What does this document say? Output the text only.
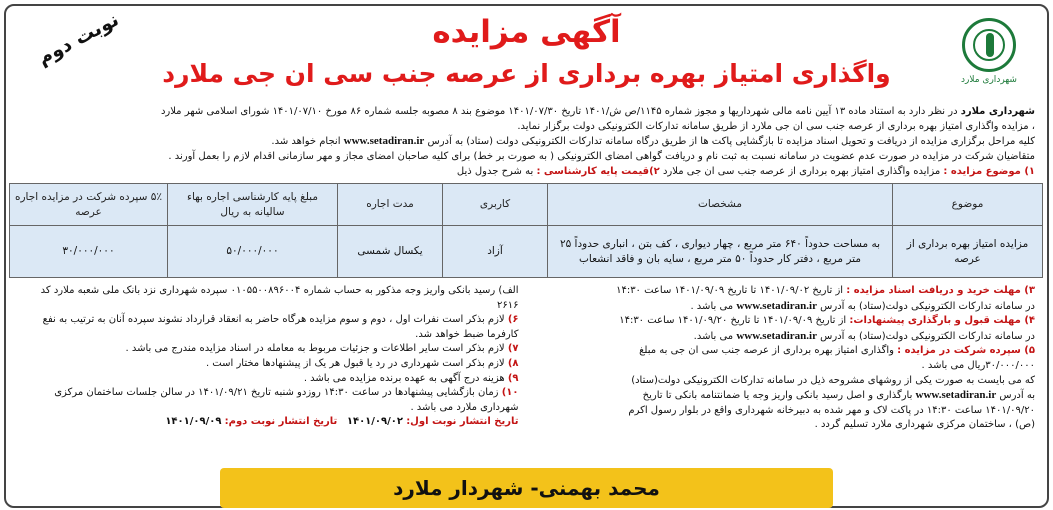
شهرداری ملارد
آگهی مزایده
واگذاری امتیاز بهره برداری از عرصه جنب سی ان جی ملارد
نوبت دوم

شهرداری ملارد در نظر دارد به استناد ماده ۱۳ آیین نامه مالی شهرداریها و مجوز شماره ۱۱۴۵/ص ش/۱۴۰۱ تاریخ ۱۴۰۱/۰۷/۳۰ موضوع بند ۸ مصوبه جلسه شماره ۸۶ مورخ ۱۴۰۱/۰۷/۱۰ شورای اسلامی شهر ملارد

، مزایده واگذاری امتیاز بهره برداری از عرصه جنب سی ان جی ملارد از طریق سامانه تدارکات الکترونیکی دولت برگزار نماید.

کلیه مراحل برگزاری مزایده از دریافت و تحویل اسناد مزایده تا بازگشایی پاکت ها از طریق درگاه سامانه تدارکات الکترونیکی دولت (ستاد) به آدرس www.setadiran.ir انجام خواهد شد.

متقاضیان شرکت در مزایده در صورت عدم عضویت در سامانه نسبت به ثبت نام و دریافت گواهی امضای الکترونیکی ( به صورت بر خط) برای کلیه صاحبان امضای مجاز و مهر سازمانی اقدام لازم را بعمل آورند .

۱) موضوع مزایده : مزایده واگذاری امتیاز بهره برداری از عرصه جنب سی ان جی ملارد ۲)قیمت پایه کارشناسی : به شرح جدول ذیل

موضوع	مشخصات	کاربری	مدت اجاره	مبلغ پایه کارشناسی اجاره بهاء سالیانه به ریال	۵٪ سپرده شرکت در مزایده اجاره عرصه
مزایده امتیاز بهره برداری از عرصه	به مساحت حدوداً ۶۴۰ متر مربع ، چهار دیواری ، کف بتن ، انباری حدوداً ۲۵ متر مربع ، دفتر کار حدوداً ۵۰ متر مربع ، سایه بان و فاقد انشعاب	آزاد	یکسال شمسی	۵۰/۰۰۰/۰۰۰	۳۰/۰۰۰/۰۰۰

۳) مهلت خرید و دریافت اسناد مزایده : از تاریخ ۱۴۰۱/۰۹/۰۲ تا تاریخ ۱۴۰۱/۰۹/۰۹ ساعت ۱۴:۳۰

در سامانه تدارکات الکترونیکی دولت(ستاد) به آدرس www.setadiran.ir می باشد .

۴) مهلت قبول و بارگذاری پیشنهادات: از تاریخ ۱۴۰۱/۰۹/۰۹ تا تاریخ ۱۴۰۱/۰۹/۲۰ ساعت ۱۴:۳۰

در سامانه تدارکات الکترونیکی دولت(ستاد) به آدرس www.setadiran.ir می باشد.

۵) سپرده شرکت در مزایده : واگذاری امتیاز بهره برداری از عرصه جنب سی ان جی به مبلغ

۳۰/۰۰۰/۰۰۰ریال می باشد .

که می بایست به صورت یکی از روشهای مشروحه ذیل در سامانه تدارکات الکترونیکی دولت(ستاد)

به آدرس www.setadiran.ir بارگذاری و اصل رسید بانکی واریز وجه یا ضمانتنامه بانکی تا تاریخ

۱۴۰۱/۰۹/۲۰ ساعت ۱۴:۳۰ در پاکت لاک و مهر شده به دبیرخانه شهرداری واقع در بلوار رسول اکرم

(ص) ، ساختمان مرکزی شهرداری ملارد تسلیم گردد .

الف) رسید بانکی واریز وجه مذکور به حساب شماره ۰۱۰۵۵۰۰۸۹۶۰۰۴ سپرده شهرداری نزد بانک ملی شعبه ملارد کد ۲۶۱۶

۶) لازم بذکر است نفرات اول ، دوم و سوم مزایده هرگاه حاضر به انعقاد قرارداد نشوند سپرده آنان به ترتیب به نفع کارفرما ضبط خواهد شد.

۷) لازم بذکر است سایر اطلاعات و جزئیات مربوط به معامله در اسناد مزایده مندرج می باشد .

۸) لازم بذکر است شهرداری در رد یا قبول هر یک از پیشنهادها مختار است .

۹) هزینه درج آگهی به عهده برنده مزایده می باشد .

۱۰) زمان بازگشایی پیشنهادها در ساعت ۱۴:۳۰ روزدو شنبه تاریخ ۱۴۰۱/۰۹/۲۱ در سالن جلسات ساختمان مرکزی شهرداری ملارد می باشد .

تاریخ انتشار نوبت اول: ۱۴۰۱/۰۹/۰۲   تاریخ انتشار نوبت دوم: ۱۴۰۱/۰۹/۰۹

محمد بهمنی- شهردار ملارد
